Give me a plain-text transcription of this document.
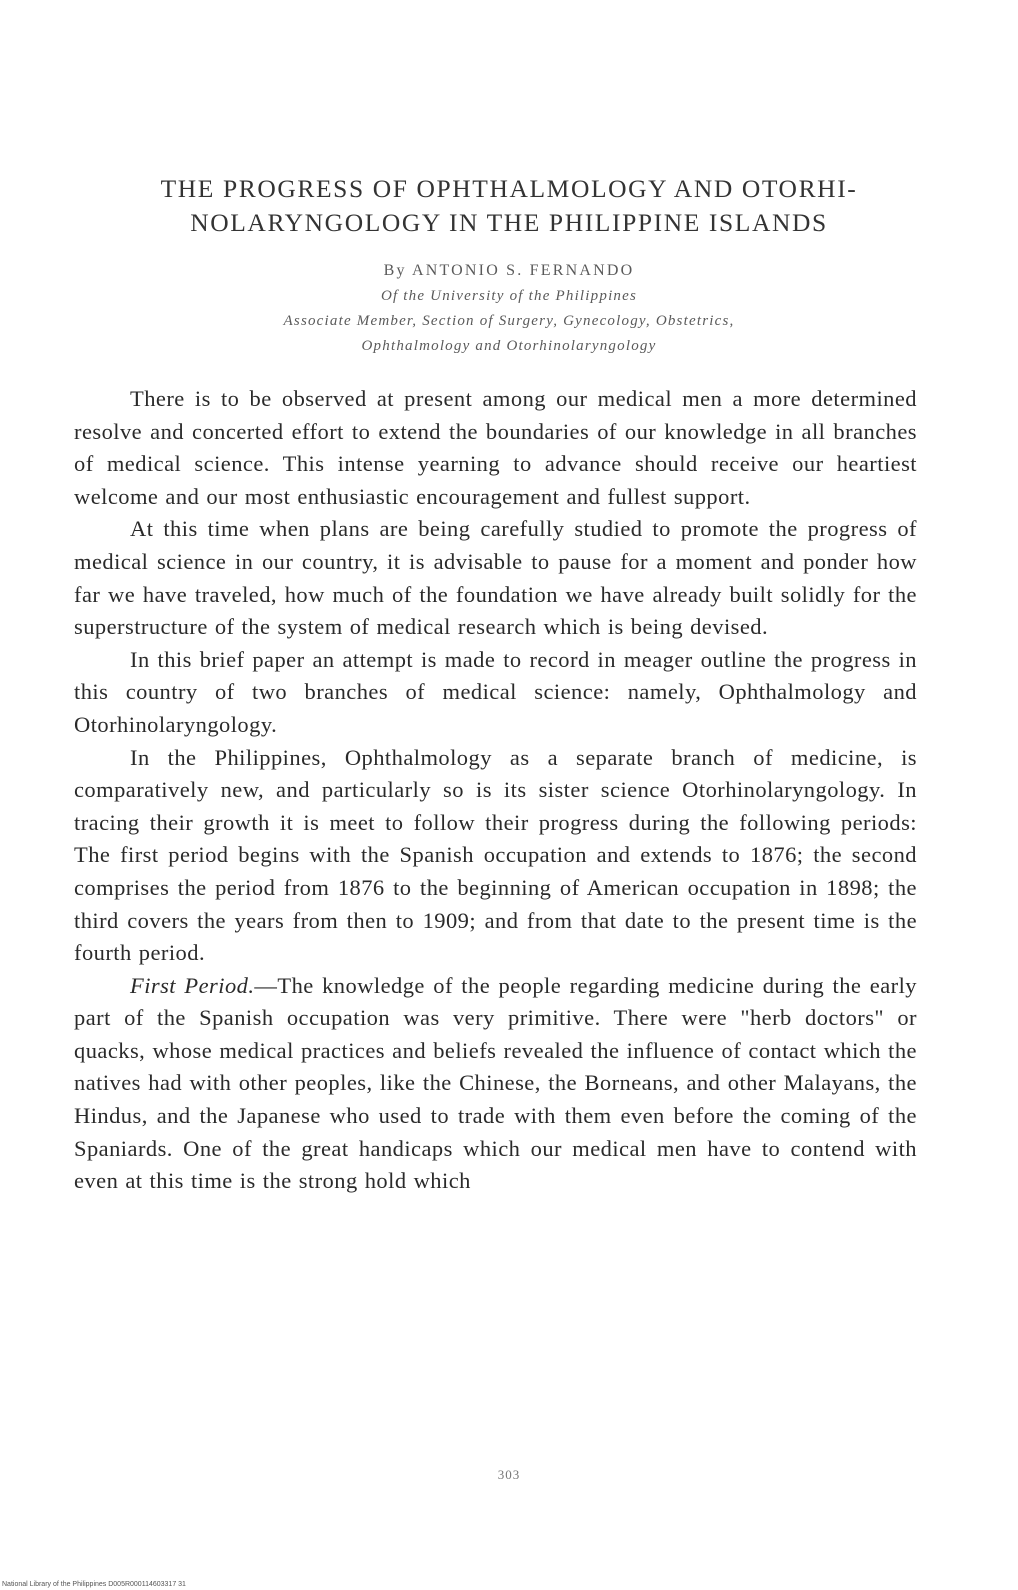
THE PROGRESS OF OPHTHALMOLOGY AND OTORHI-
NOLARYNGOLOGY IN THE PHILIPPINE ISLANDS
By ANTONIO S. FERNANDO
Of the University of the Philippines
Associate Member, Section of Surgery, Gynecology, Obstetrics,
Ophthalmology and Otorhinolaryngology

There is to be observed at present among our medical men a more determined resolve and concerted effort to extend the boundaries of our knowledge in all branches of medical science. This intense yearning to advance should receive our heartiest welcome and our most enthusiastic encouragement and fullest support.

At this time when plans are being carefully studied to promote the progress of medical science in our country, it is advisable to pause for a moment and ponder how far we have traveled, how much of the foundation we have already built solidly for the superstructure of the system of medical research which is being devised.

In this brief paper an attempt is made to record in meager outline the progress in this country of two branches of medical science: namely, Ophthalmology and Otorhinolaryngology.

In the Philippines, Ophthalmology as a separate branch of medicine, is comparatively new, and particularly so is its sister science Otorhinolaryngology. In tracing their growth it is meet to follow their progress during the following periods: The first period begins with the Spanish occupation and extends to 1876; the second comprises the period from 1876 to the beginning of American occupation in 1898; the third covers the years from then to 1909; and from that date to the present time is the fourth period.

First Period.—The knowledge of the people regarding medicine during the early part of the Spanish occupation was very primitive. There were "herb doctors" or quacks, whose medical practices and beliefs revealed the influence of contact which the natives had with other peoples, like the Chinese, the Borneans, and other Malayans, the Hindus, and the Japanese who used to trade with them even before the coming of the Spaniards. One of the great handicaps which our medical men have to contend with even at this time is the strong hold which

303
National Library of the Philippines D005R000114603317 31
